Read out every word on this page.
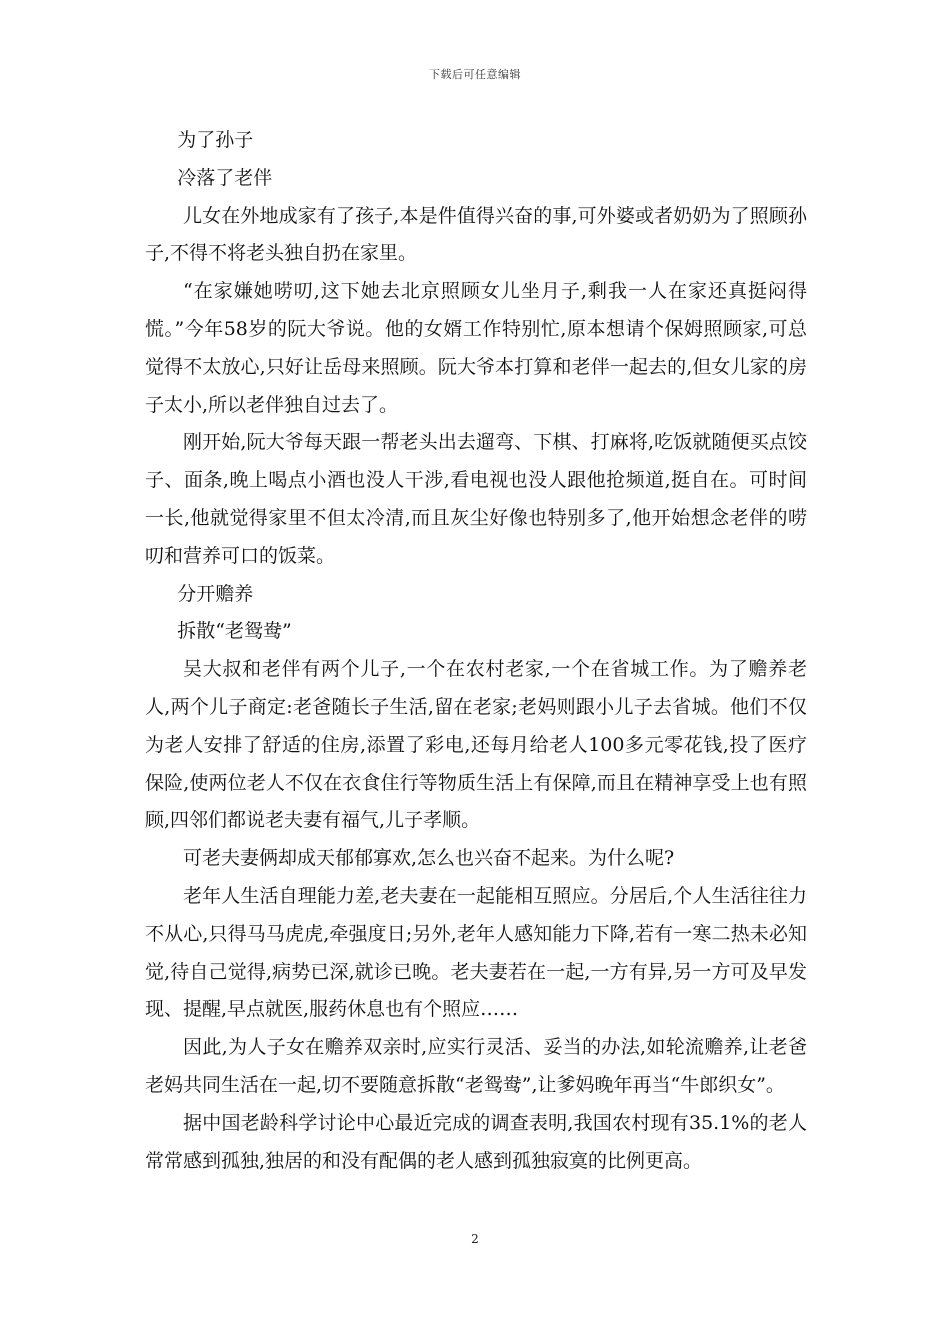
下载后可任意编辑

为了孙子

冷落了老伴

儿女在外地成家有了孩子,本是件值得兴奋的事,可外婆或者奶奶为了照顾孙子,不得不将老头独自扔在家里。

“在家嫌她唠叨,这下她去北京照顾女儿坐月子,剩我一人在家还真挺闷得慌。”今年58岁的阮大爷说。他的女婿工作特别忙,原本想请个保姆照顾家,可总觉得不太放心,只好让岳母来照顾。阮大爷本打算和老伴一起去的,但女儿家的房子太小,所以老伴独自过去了。

刚开始,阮大爷每天跟一帮老头出去遛弯、下棋、打麻将,吃饭就随便买点饺子、面条,晚上喝点小酒也没人干涉,看电视也没人跟他抢频道,挺自在。可时间一长,他就觉得家里不但太冷清,而且灰尘好像也特别多了,他开始想念老伴的唠叨和营养可口的饭菜。

分开赡养

拆散“老鸳鸯”

吴大叔和老伴有两个儿子,一个在农村老家,一个在省城工作。为了赡养老人,两个儿子商定:老爸随长子生活,留在老家;老妈则跟小儿子去省城。他们不仅为老人安排了舒适的住房,添置了彩电,还每月给老人100多元零花钱,投了医疗保险,使两位老人不仅在衣食住行等物质生活上有保障,而且在精神享受上也有照顾,四邻们都说老夫妻有福气,儿子孝顺。

可老夫妻俩却成天郁郁寡欢,怎么也兴奋不起来。为什么呢?

老年人生活自理能力差,老夫妻在一起能相互照应。分居后,个人生活往往力不从心,只得马马虎虎,牵强度日;另外,老年人感知能力下降,若有一寒二热未必知觉,待自己觉得,病势已深,就诊已晚。老夫妻若在一起,一方有异,另一方可及早发现、提醒,早点就医,服药休息也有个照应……

因此,为人子女在赡养双亲时,应实行灵活、妥当的办法,如轮流赡养,让老爸老妈共同生活在一起,切不要随意拆散“老鸳鸯”,让爹妈晚年再当“牛郎织女”。

据中国老龄科学讨论中心最近完成的调查表明,我国农村现有35.1%的老人常常感到孤独,独居的和没有配偶的老人感到孤独寂寞的比例更高。

2
